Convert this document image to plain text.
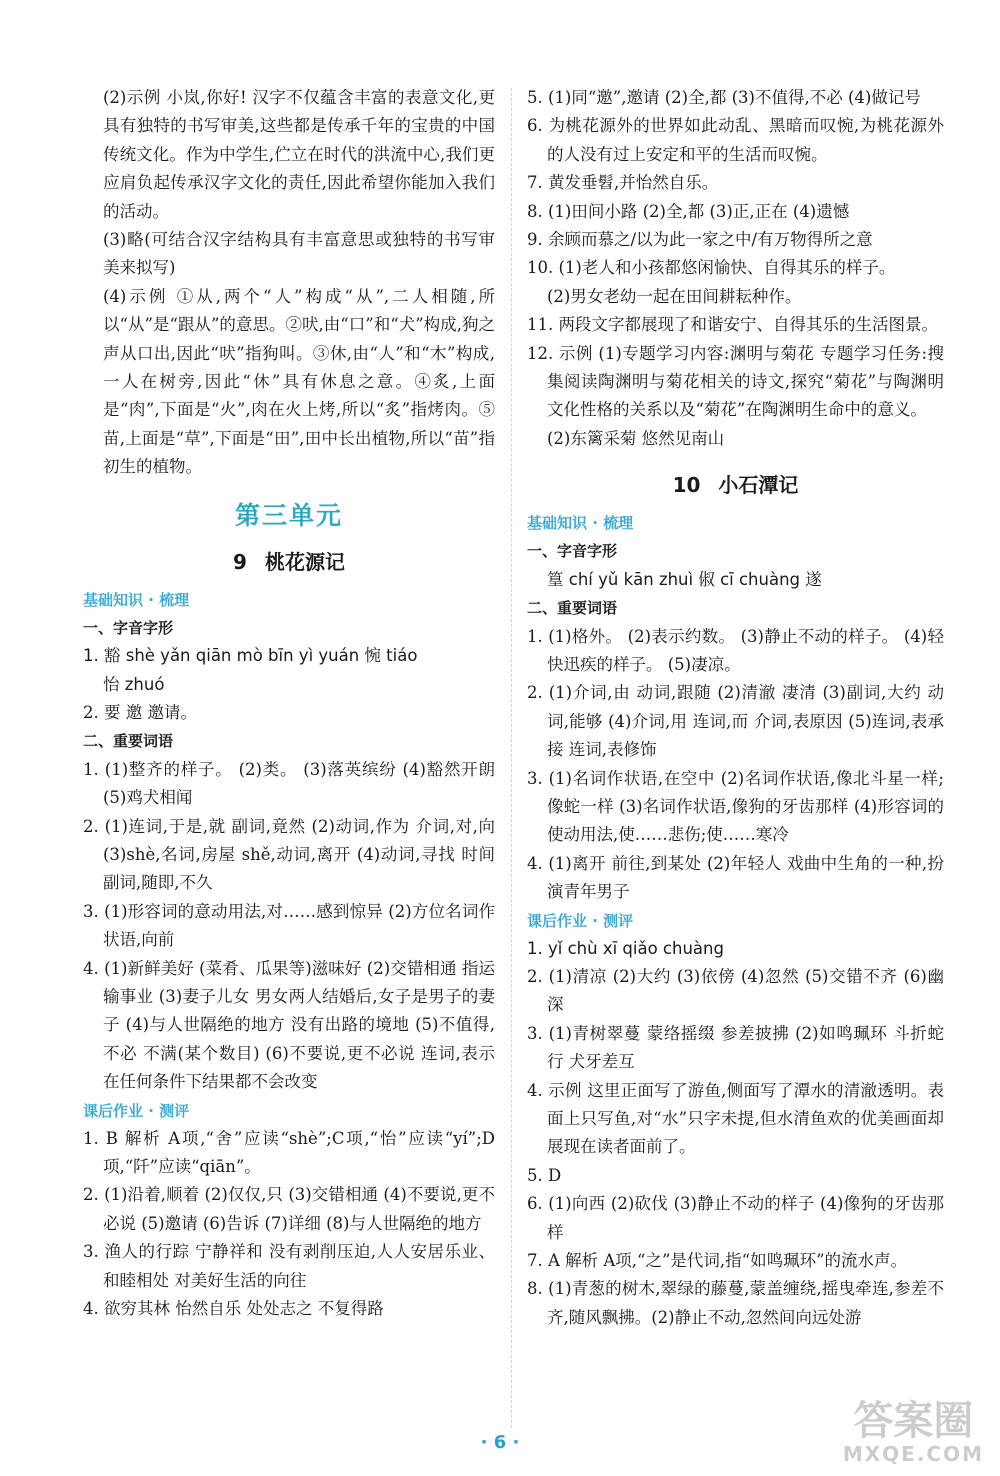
(2)示例 小岚,你好! 汉字不仅蕴含丰富的表意文化,更具有独特的书写审美,这些都是传承千年的宝贵的中国传统文化。作为中学生,伫立在时代的洪流中心,我们更应肩负起传承汉字文化的责任,因此希望你能加入我们的活动。

(3)略(可结合汉字结构具有丰富意思或独特的书写审美来拟写)

(4)示例 ①从,两个“人”构成“从”,二人相随,所以“从”是“跟从”的意思。②吠,由“口”和“犬”构成,狗之声从口出,因此“吠”指狗叫。③休,由“人”和“木”构成,一人在树旁,因此“休”具有休息之意。④炙,上面是“肉”,下面是“火”,肉在火上烤,所以“炙”指烤肉。⑤苗,上面是“草”,下面是“田”,田中长出植物,所以“苗”指初生的植物。

第三单元
9 桃花源记
基础知识 · 梳理
一、字音字形

1. 豁 shè yǎn qiān mò bīn yì yuán 惋 tiáo

怡 zhuó

2. 要 邀 邀请。

二、重要词语

1. (1)整齐的样子。 (2)类。 (3)落英缤纷 (4)豁然开朗 (5)鸡犬相闻

2. (1)连词,于是,就 副词,竟然 (2)动词,作为 介词,对,向 (3)shè,名词,房屋 shě,动词,离开 (4)动词,寻找 时间副词,随即,不久

3. (1)形容词的意动用法,对……感到惊异 (2)方位名词作状语,向前

4. (1)新鲜美好 (菜肴、瓜果等)滋味好 (2)交错相通 指运输事业 (3)妻子儿女 男女两人结婚后,女子是男子的妻子 (4)与人世隔绝的地方 没有出路的境地 (5)不值得,不必 不满(某个数目) (6)不要说,更不必说 连词,表示在任何条件下结果都不会改变

课后作业 · 测评

1. B 解析 A项,“舍”应读“shè”;C项,“怡”应读“yí”;D项,“阡”应读“qiān”。

2. (1)沿着,顺着 (2)仅仅,只 (3)交错相通 (4)不要说,更不必说 (5)邀请 (6)告诉 (7)详细 (8)与人世隔绝的地方

3. 渔人的行踪 宁静祥和 没有剥削压迫,人人安居乐业、和睦相处 对美好生活的向往

4. 欲穷其林 怡然自乐 处处志之 不复得路

5. (1)同“邀”,邀请 (2)全,都 (3)不值得,不必 (4)做记号

6. 为桃花源外的世界如此动乱、黑暗而叹惋,为桃花源外的人没有过上安定和平的生活而叹惋。

7. 黄发垂髫,并怡然自乐。

8. (1)田间小路 (2)全,都 (3)正,正在 (4)遗憾

9. 余顾而慕之/以为此一家之中/有万物得所之意

10. (1)老人和小孩都悠闲愉快、自得其乐的样子。

(2)男女老幼一起在田间耕耘种作。

11. 两段文字都展现了和谐安宁、自得其乐的生活图景。

12. 示例 (1)专题学习内容:渊明与菊花 专题学习任务:搜集阅读陶渊明与菊花相关的诗文,探究“菊花”与陶渊明文化性格的关系以及“菊花”在陶渊明生命中的意义。

(2)东篱采菊 悠然见南山

10 小石潭记
基础知识 · 梳理
一、字音字形

篁 chí yǔ kān zhuì 俶 cī chuàng 遂

二、重要词语

1. (1)格外。 (2)表示约数。 (3)静止不动的样子。 (4)轻快迅疾的样子。 (5)凄凉。

2. (1)介词,由 动词,跟随 (2)清澈 凄清 (3)副词,大约 动词,能够 (4)介词,用 连词,而 介词,表原因 (5)连词,表承接 连词,表修饰

3. (1)名词作状语,在空中 (2)名词作状语,像北斗星一样;像蛇一样 (3)名词作状语,像狗的牙齿那样 (4)形容词的使动用法,使……悲伤;使……寒冷

4. (1)离开 前往,到某处 (2)年轻人 戏曲中生角的一种,扮演青年男子

课后作业 · 测评

1. yǐ chù xī qiǎo chuàng

2. (1)清凉 (2)大约 (3)依傍 (4)忽然 (5)交错不齐 (6)幽深

3. (1)青树翠蔓 蒙络摇缀 参差披拂 (2)如鸣珮环 斗折蛇行 犬牙差互

4. 示例 这里正面写了游鱼,侧面写了潭水的清澈透明。表面上只写鱼,对“水”只字未提,但水清鱼欢的优美画面却展现在读者面前了。

5. D

6. (1)向西 (2)砍伐 (3)静止不动的样子 (4)像狗的牙齿那样

7. A 解析 A项,“之”是代词,指“如鸣珮环”的流水声。

8. (1)青葱的树木,翠绿的藤蔓,蒙盖缠绕,摇曳牵连,参差不齐,随风飘拂。(2)静止不动,忽然间向远处游

· 6 ·	答案圈
MXQE.COM
